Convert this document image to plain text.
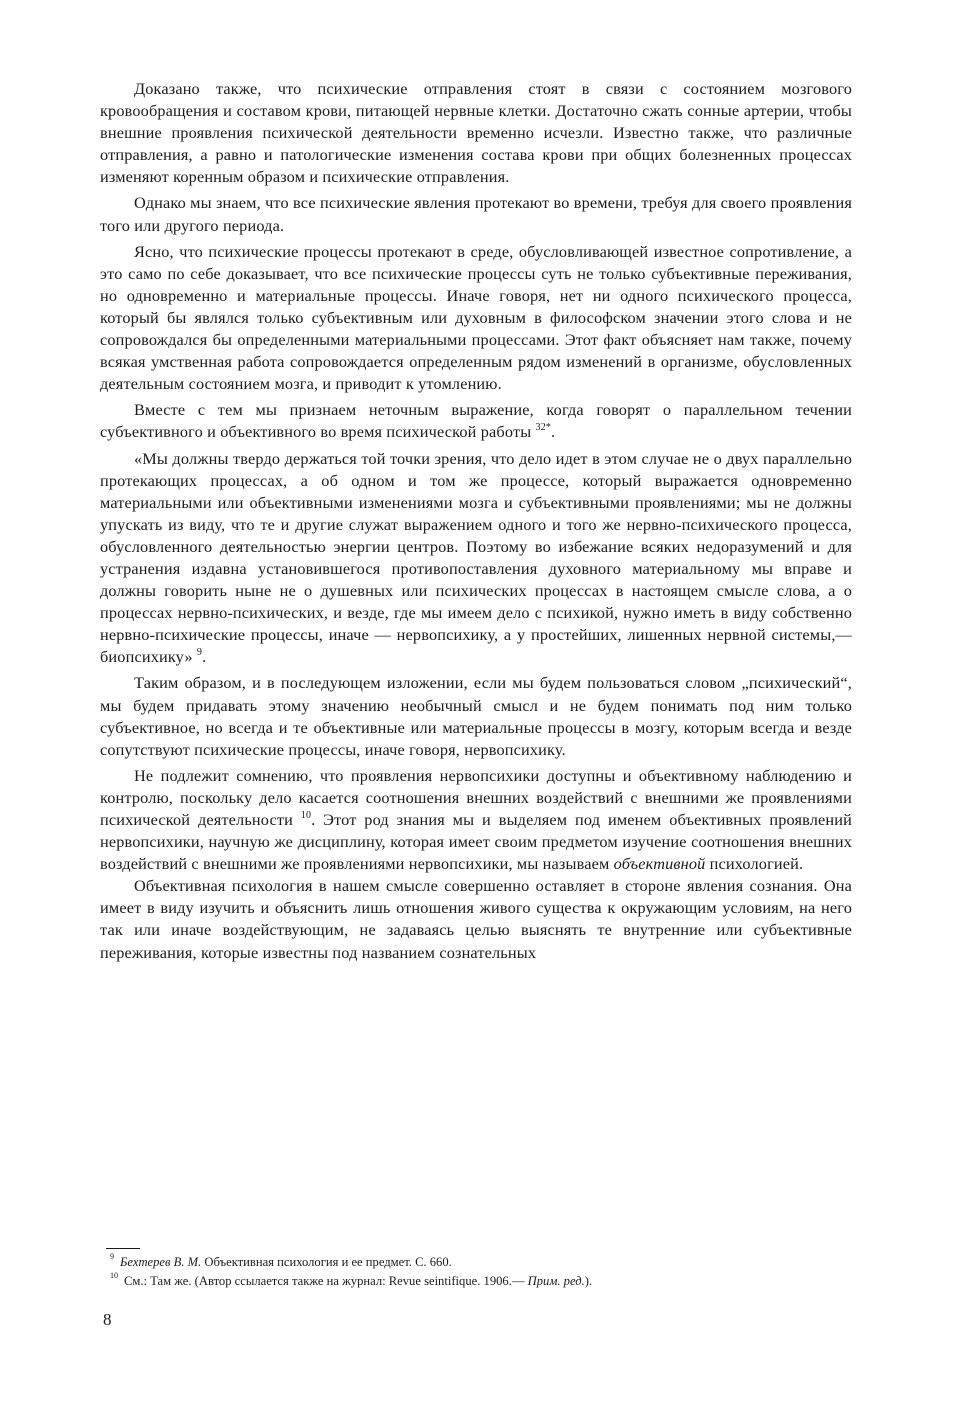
Доказано также, что психические отправления стоят в связи с состоянием мозгового кровообращения и составом крови, питающей нервные клетки. Достаточно сжать сонные артерии, чтобы внешние проявления психической деятельности временно исчезли. Известно также, что различные отправления, а равно и патологические изменения состава крови при общих болезненных процессах изменяют коренным образом и психические отправления.

Однако мы знаем, что все психические явления протекают во времени, требуя для своего проявления того или другого периода.

Ясно, что психические процессы протекают в среде, обусловливающей известное сопротивление, а это само по себе доказывает, что все психические процессы суть не только субъективные переживания, но одновременно и материальные процессы. Иначе говоря, нет ни одного психического процесса, который бы являлся только субъективным или духовным в философском значении этого слова и не сопровождался бы определенными материальными процессами. Этот факт объясняет нам также, почему всякая умственная работа сопровождается определенным рядом изменений в организме, обусловленных деятельным состоянием мозга, и приводит к утомлению.

Вместе с тем мы признаем неточным выражение, когда говорят о параллельном течении субъективного и объективного во время психической работы $^{32*}$.

«Мы должны твердо держаться той точки зрения, что дело идет в этом случае не о двух параллельно протекающих процессах, а об одном и том же процессе, который выражается одновременно материальными или объективными изменениями мозга и субъективными проявлениями; мы не должны упускать из виду, что те и другие служат выражением одного и того же нервно-психического процесса, обусловленного деятельностью энергии центров. Поэтому во избежание всяких недоразумений и для устранения издавна установившегося противопоставления духовного материальному мы вправе и должны говорить ныне не о душевных или психических процессах в настоящем смысле слова, а о процессах нервно-психических, и везде, где мы имеем дело с психикой, нужно иметь в виду собственно нервно-психические процессы, иначе — нервопсихику, а у простейших, лишенных нервной системы,— биопсихику» $^9$.

Таким образом, и в последующем изложении, если мы будем пользоваться словом „психический“, мы будем придавать этому значению необычный смысл и не будем понимать под ним только субъективное, но всегда и те объективные или материальные процессы в мозгу, которым всегда и везде сопутствуют психические процессы, иначе говоря, нервопсихику.

Не подлежит сомнению, что проявления нервопсихики доступны и объективному наблюдению и контролю, поскольку дело касается соотношения внешних воздействий с внешними же проявлениями психической деятельности $^{10}$. Этот род знания мы и выделяем под именем объективных проявлений нервопсихики, научную же дисциплину, которая имеет своим предметом изучение соотношения внешних воздействий с внешними же проявлениями нервопсихики, мы называем объективной психологией.

Объективная психология в нашем смысле совершенно оставляет в стороне явления сознания. Она имеет в виду изучить и объяснить лишь отношения живого существа к окружающим условиям, на него так или иначе воздействующим, не задаваясь целью выяснять те внутренние или субъективные переживания, которые известны под названием сознательных

$^9$ Бехтерев В. М. Объективная психология и ее предмет. С. 660.

$^{10}$ См.: Там же. (Автор ссылается также на журнал: Revue seintifique. 1906.— Прим. ред.).

8
